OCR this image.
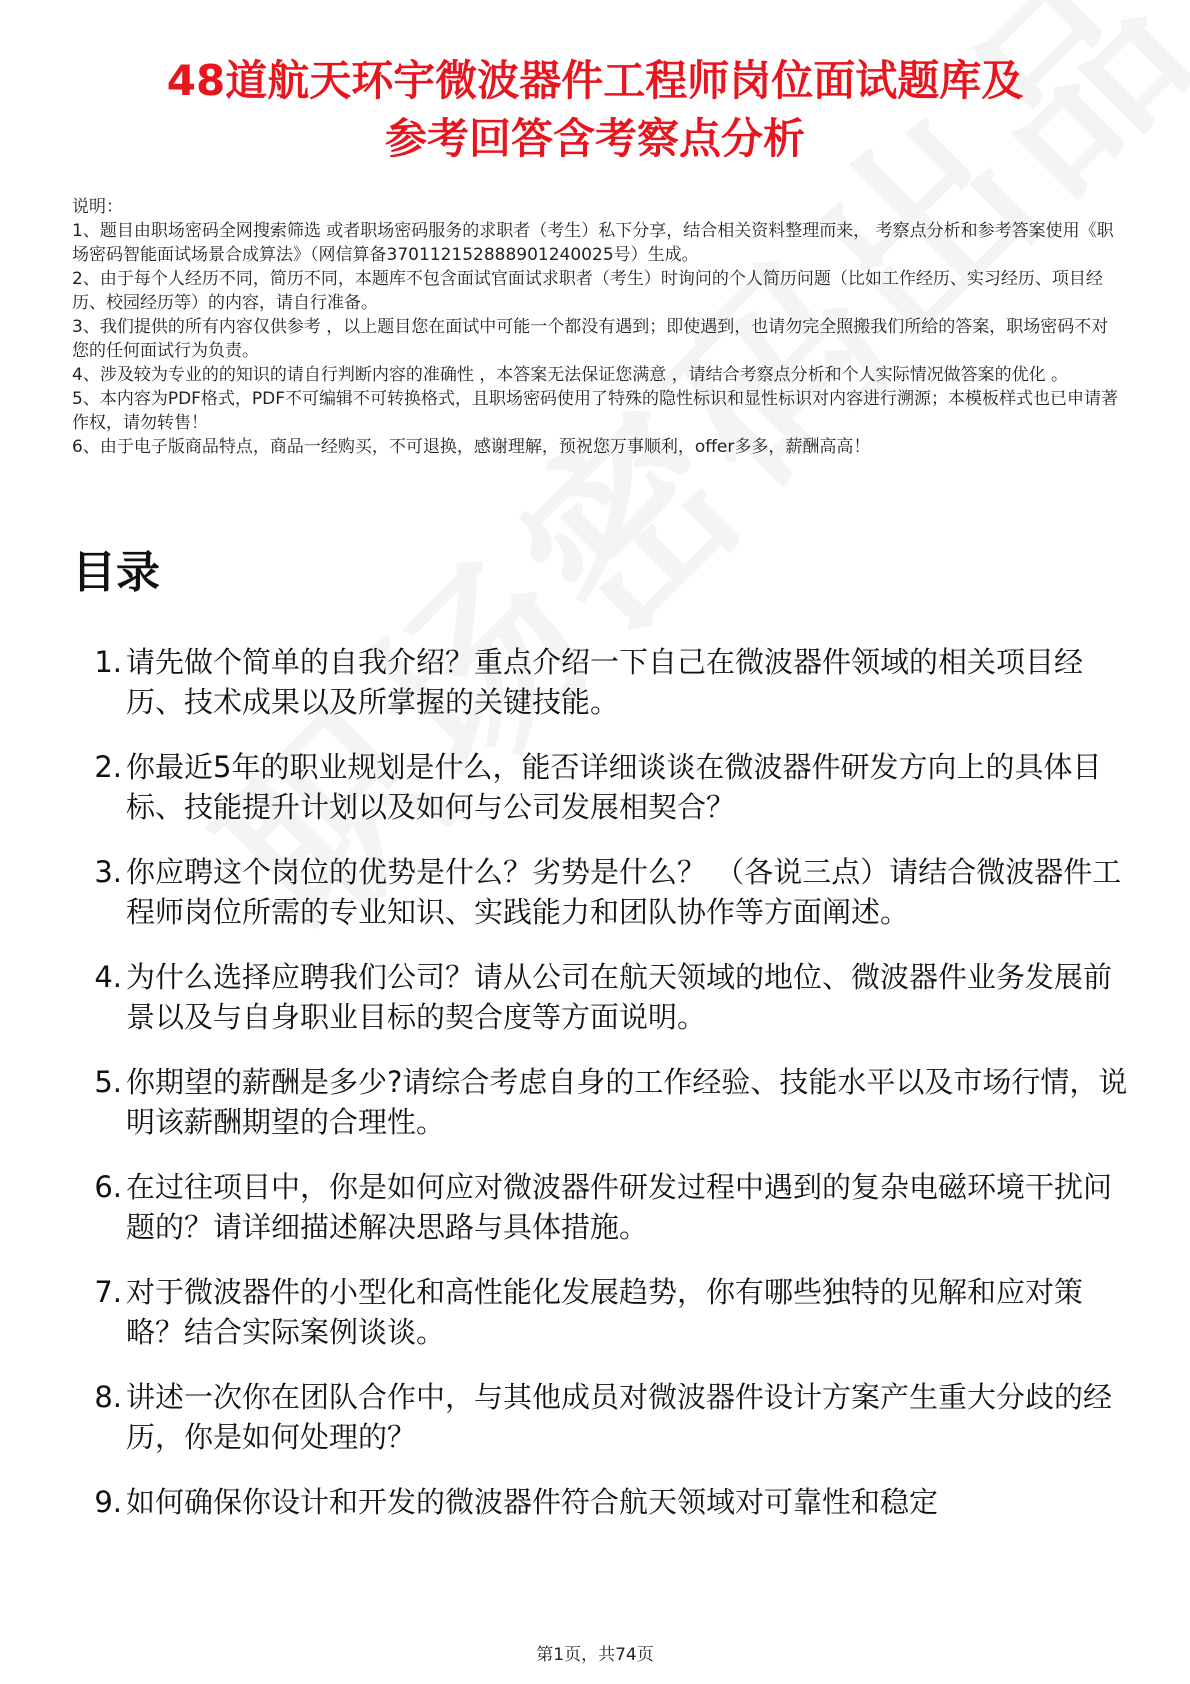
48道航天环宇微波器件工程师岗位面试题库及
参考回答含考察点分析

说明：

1、题目由职场密码全网搜索筛选 或者职场密码服务的求职者（考生）私下分享，结合相关资料整理而来， 考察点分析和参考答案使用《职场密码智能面试场景合成算法》（网信算备370112152888901240025号）生成。

2、由于每个人经历不同，简历不同，本题库不包含面试官面试求职者（考生）时询问的个人简历问题（比如工作经历、实习经历、项目经历、校园经历等）的内容，请自行准备。

3、我们提供的所有内容仅供参考 ，以上题目您在面试中可能一个都没有遇到；即使遇到，也请勿完全照搬我们所给的答案，职场密码不对您的任何面试行为负责。

4、涉及较为专业的的知识的请自行判断内容的准确性 ，本答案无法保证您满意 ，请结合考察点分析和个人实际情况做答案的优化 。

5、本内容为PDF格式，PDF不可编辑不可转换格式，且职场密码使用了特殊的隐性标识和显性标识对内容进行溯源；本模板样式也已申请著作权，请勿转售！

6、由于电子版商品特点，商品一经购买，不可退换，感谢理解，预祝您万事顺利，offer多多，薪酬高高！

目录
1. 请先做个简单的自我介绍？重点介绍一下自己在微波器件领域的相关项目经历、技术成果以及所掌握的关键技能。
2. 你最近5年的职业规划是什么，能否详细谈谈在微波器件研发方向上的具体目标、技能提升计划以及如何与公司发展相契合？
3. 你应聘这个岗位的优势是什么？劣势是什么？ （各说三点）请结合微波器件工程师岗位所需的专业知识、实践能力和团队协作等方面阐述。
4. 为什么选择应聘我们公司？请从公司在航天领域的地位、微波器件业务发展前景以及与自身职业目标的契合度等方面说明。
5. 你期望的薪酬是多少?请综合考虑自身的工作经验、技能水平以及市场行情，说明该薪酬期望的合理性。
6. 在过往项目中，你是如何应对微波器件研发过程中遇到的复杂电磁环境干扰问题的？请详细描述解决思路与具体措施。
7. 对于微波器件的小型化和高性能化发展趋势，你有哪些独特的见解和应对策略？结合实际案例谈谈。
8. 讲述一次你在团队合作中，与其他成员对微波器件设计方案产生重大分歧的经历，你是如何处理的？
9. 如何确保你设计和开发的微波器件符合航天领域对可靠性和稳定
第1页，共74页
